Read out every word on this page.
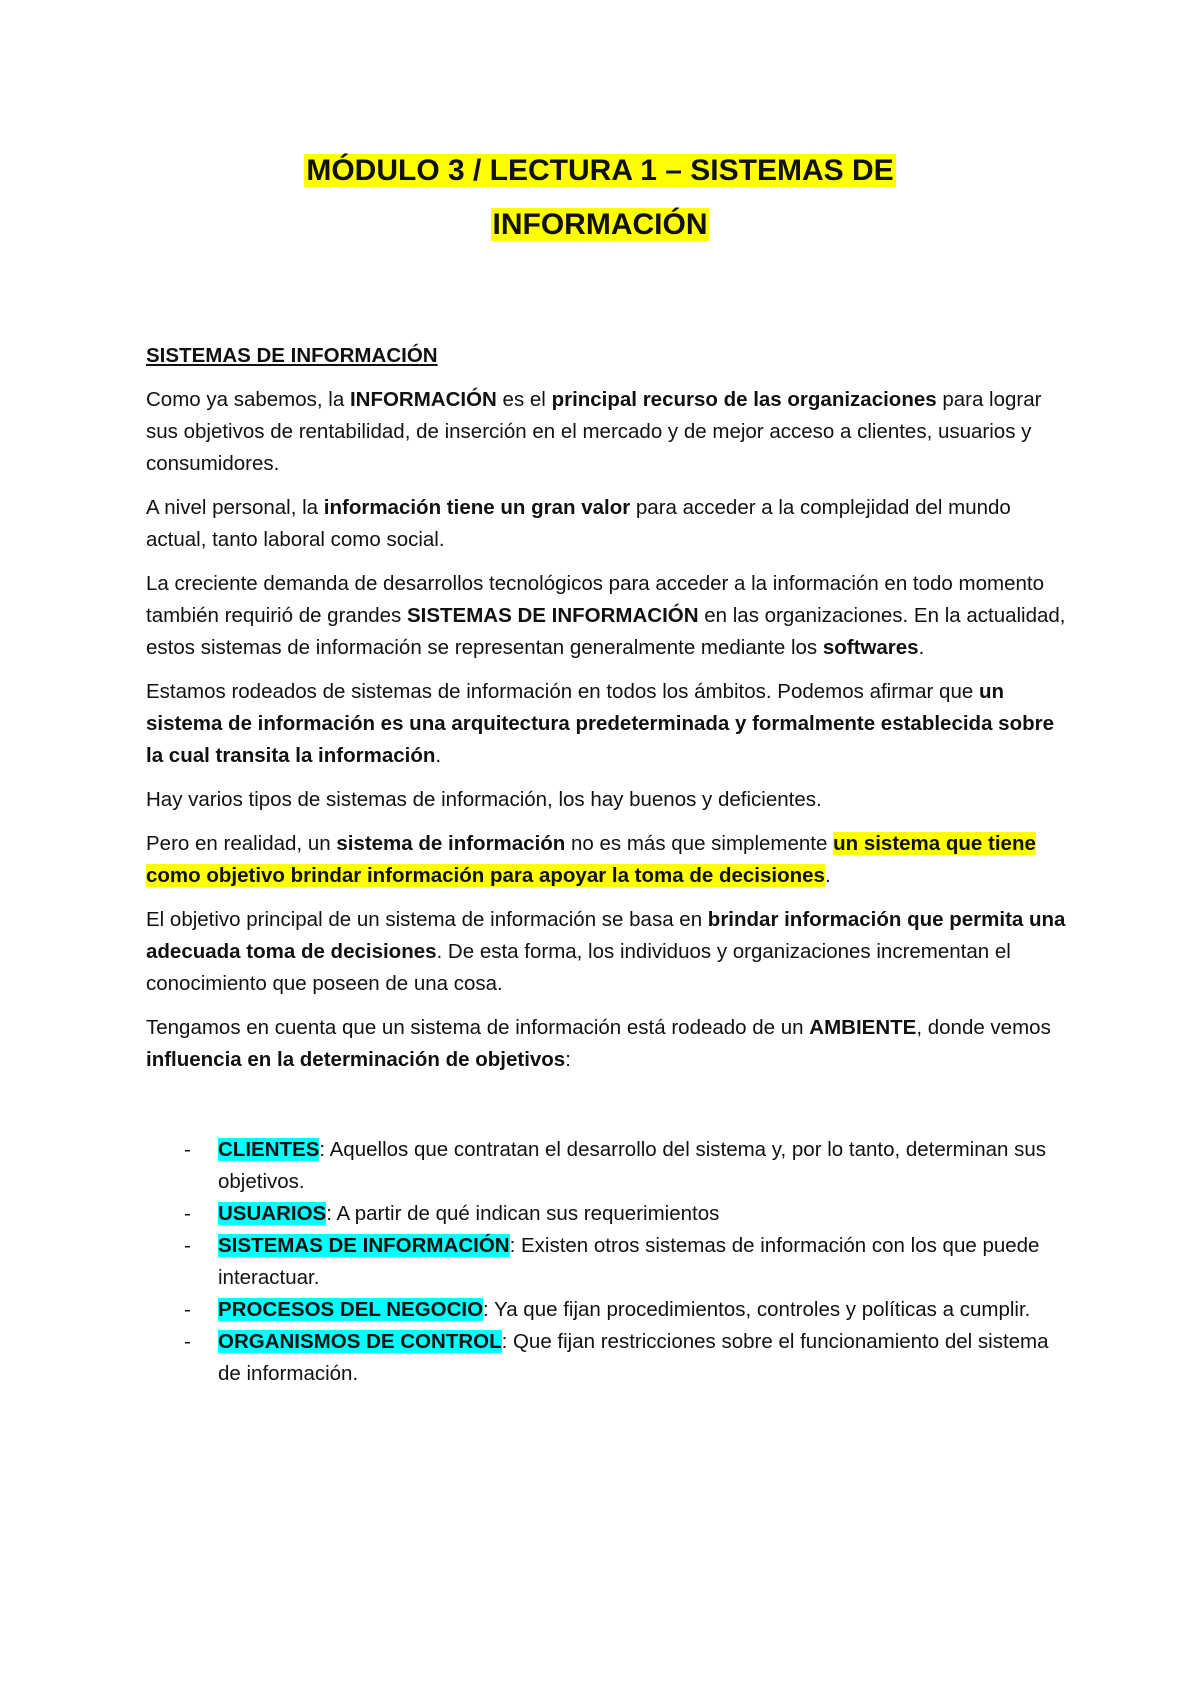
MÓDULO 3 / LECTURA 1 – SISTEMAS DE
INFORMACIÓN
SISTEMAS DE INFORMACIÓN

Como ya sabemos, la INFORMACIÓN es el principal recurso de las organizaciones para lograr sus objetivos de rentabilidad, de inserción en el mercado y de mejor acceso a clientes, usuarios y consumidores.

A nivel personal, la información tiene un gran valor para acceder a la complejidad del mundo actual, tanto laboral como social.

La creciente demanda de desarrollos tecnológicos para acceder a la información en todo momento también requirió de grandes SISTEMAS DE INFORMACIÓN en las organizaciones. En la actualidad, estos sistemas de información se representan generalmente mediante los softwares.

Estamos rodeados de sistemas de información en todos los ámbitos. Podemos afirmar que un sistema de información es una arquitectura predeterminada y formalmente establecida sobre la cual transita la información.

Hay varios tipos de sistemas de información, los hay buenos y deficientes.

Pero en realidad, un sistema de información no es más que simplemente un sistema que tiene como objetivo brindar información para apoyar la toma de decisiones.

El objetivo principal de un sistema de información se basa en brindar información que permita una adecuada toma de decisiones. De esta forma, los individuos y organizaciones incrementan el conocimiento que poseen de una cosa.

Tengamos en cuenta que un sistema de información está rodeado de un AMBIENTE, donde vemos influencia en la determinación de objetivos:

- CLIENTES: Aquellos que contratan el desarrollo del sistema y, por lo tanto, determinan sus objetivos.
- USUARIOS: A partir de qué indican sus requerimientos
- SISTEMAS DE INFORMACIÓN: Existen otros sistemas de información con los que puede interactuar.
- PROCESOS DEL NEGOCIO: Ya que fijan procedimientos, controles y políticas a cumplir.
- ORGANISMOS DE CONTROL: Que fijan restricciones sobre el funcionamiento del sistema de información.
